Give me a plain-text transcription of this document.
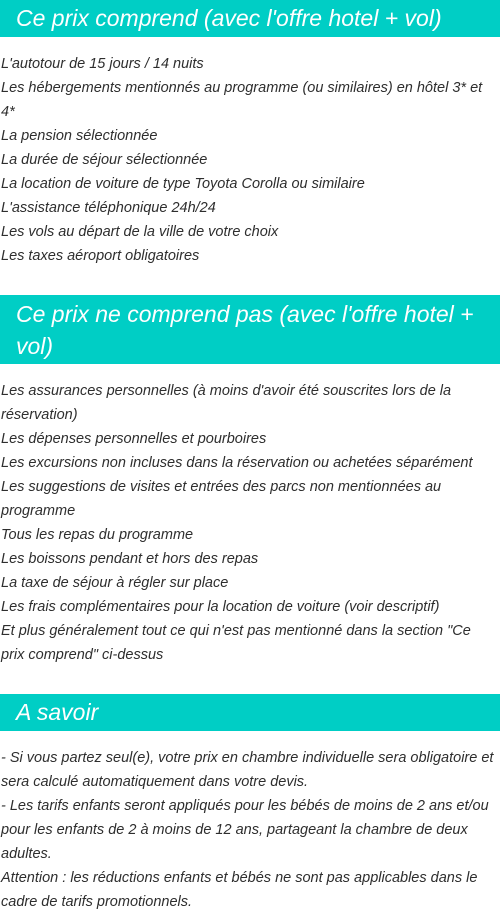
Ce prix comprend (avec l'offre hotel + vol)
L'autotour de 15 jours / 14 nuits
Les hébergements mentionnés au programme (ou similaires) en hôtel 3* et 4*
La pension sélectionnée
La durée de séjour sélectionnée
La location de voiture de type Toyota Corolla ou similaire
L'assistance téléphonique 24h/24
Les vols au départ de la ville de votre choix
Les taxes aéroport obligatoires
Ce prix ne comprend pas (avec l'offre hotel + vol)
Les assurances personnelles (à moins d'avoir été souscrites lors de la réservation)
Les dépenses personnelles et pourboires
Les excursions non incluses dans la réservation ou achetées séparément
Les suggestions de visites et entrées des parcs non mentionnées au programme
Tous les repas du programme
Les boissons pendant et hors des repas
La taxe de séjour à régler sur place
Les frais complémentaires pour la location de voiture (voir descriptif)
Et plus généralement tout ce qui n'est pas mentionné dans la section "Ce prix comprend" ci-dessus
A savoir
- Si vous partez seul(e), votre prix en chambre individuelle sera obligatoire et sera calculé automatiquement dans votre devis.
- Les tarifs enfants seront appliqués pour les bébés de moins de 2 ans et/ou pour les enfants de 2 à moins de 12 ans, partageant la chambre de deux adultes.
Attention : les réductions enfants et bébés ne sont pas applicables dans le cadre de tarifs promotionnels.
